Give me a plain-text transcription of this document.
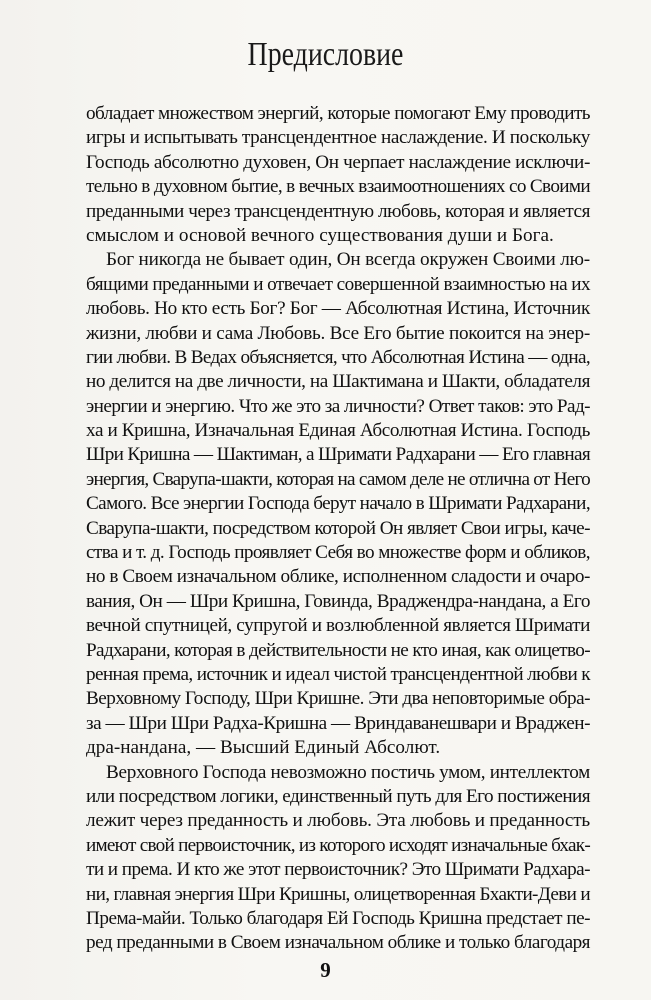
Предисловие
обладает множеством энергий, которые помогают Ему проводить
игры и испытывать трансцендентное наслаждение. И поскольку
Господь абсолютно духовен, Он черпает наслаждение исключи-
тельно в духовном бытие, в вечных взаимоотношениях со Своими
преданными через трансцендентную любовь, которая и является
смыслом и основой вечного существования души и Бога.
Бог никогда не бывает один, Он всегда окружен Своими лю-
бящими преданными и отвечает совершенной взаимностью на их
любовь. Но кто есть Бог? Бог — Абсолютная Истина, Источник
жизни, любви и сама Любовь. Все Его бытие покоится на энер-
гии любви. В Ведах объясняется, что Абсолютная Истина — одна,
но делится на две личности, на Шактимана и Шакти, обладателя
энергии и энергию. Что же это за личности? Ответ таков: это Рад-
ха и Кришна, Изначальная Единая Абсолютная Истина. Господь
Шри Кришна — Шактиман, а Шримати Радхарани — Его главная
энергия, Сварупа-шакти, которая на самом деле не отлична от Него
Самого. Все энергии Господа берут начало в Шримати Радхарани,
Сварупа-шакти, посредством которой Он являет Свои игры, каче-
ства и т. д. Господь проявляет Себя во множестве форм и обликов,
но в Своем изначальном облике, исполненном сладости и очаро-
вания, Он — Шри Кришна, Говинда, Враджендра-нандана, а Его
вечной спутницей, супругой и возлюбленной является Шримати
Радхарани, которая в действительности не кто иная, как олицетво-
ренная према, источник и идеал чистой трансцендентной любви к
Верховному Господу, Шри Кришне. Эти два неповторимые обра-
за — Шри Шри Радха-Кришна — Вриндаванешвари и Враджен-
дра-нандана, — Высший Единый Абсолют.
Верховного Господа невозможно постичь умом, интеллектом
или посредством логики, единственный путь для Его постижения
лежит через преданность и любовь. Эта любовь и преданность
имеют свой первоисточник, из которого исходят изначальные бхак-
ти и према. И кто же этот первоисточник? Это Шримати Радхара-
ни, главная энергия Шри Кришны, олицетворенная Бхакти-Деви и
Према-майи. Только благодаря Ей Господь Кришна предстает пе-
ред преданными в Своем изначальном облике и только благодаря
9
